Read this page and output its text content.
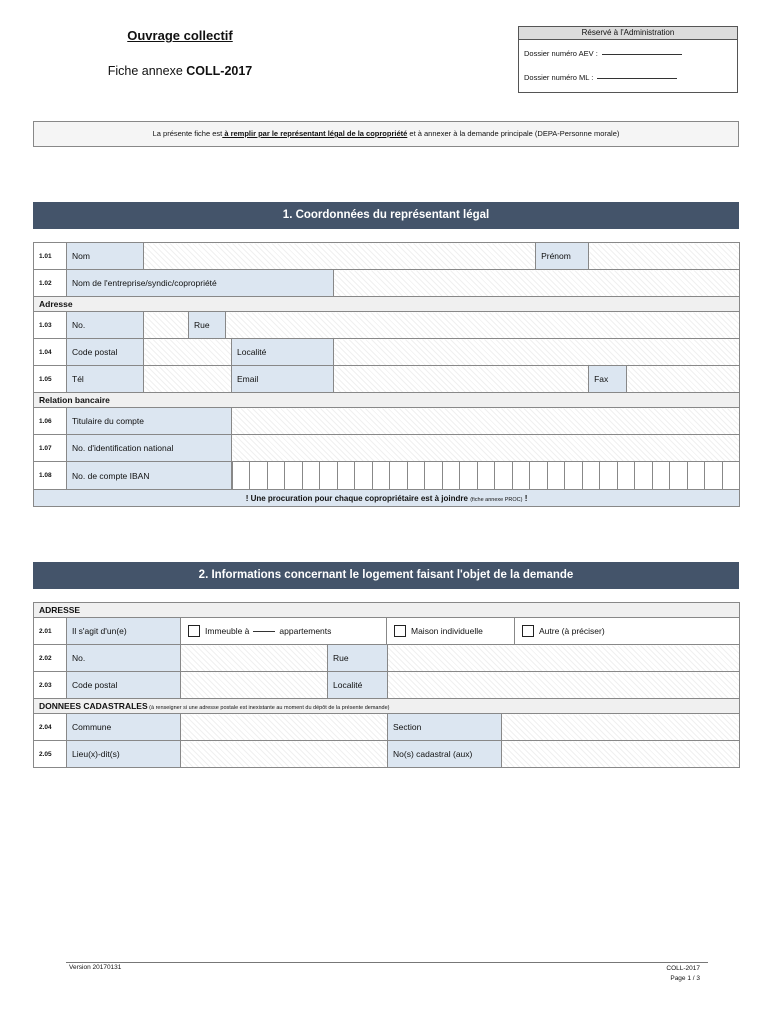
Ouvrage collectif
Fiche annexe COLL-2017
Réservé à l'Administration
Dossier numéro AEV :
Dossier numéro ML :
La présente fiche est à remplir par le représentant légal de la copropriété et à annexer à la demande principale (DEPA-Personne morale)
1. Coordonnées du représentant légal
1.01	Nom						Prénom		
1.02	Nom de l'entreprise/syndic/copropriété								
Adresse									
1.03	No.		Rue						
1.04	Code postal				Localité				
1.05	Tél				Email			Fax	
Relation bancaire									
1.06	Titulaire du compte								
1.07	No. d'identification national								
1.08	No. de compte IBAN								

! Une procuration pour chaque copropriétaire est à joindre (fiche annexe PROC) !									
2. Informations concernant le logement faisant l'objet de la demande
ADRESSE					
2.01	Il s'agit d'un(e)	Immeuble à appartements Maison individuelle Autre (à préciser)			

2.02	No.		Rue		
2.03	Code postal		Localité		
DONNEES CADASTRALES (à renseigner si une adresse postale est inexistante au moment du dépôt de la présente demande)					
2.04	Commune			Section	
2.05	Lieu(x)-dit(s)			No(s) cadastral (aux)	
Version 20170131	COLL-2017
Page 1 / 3
